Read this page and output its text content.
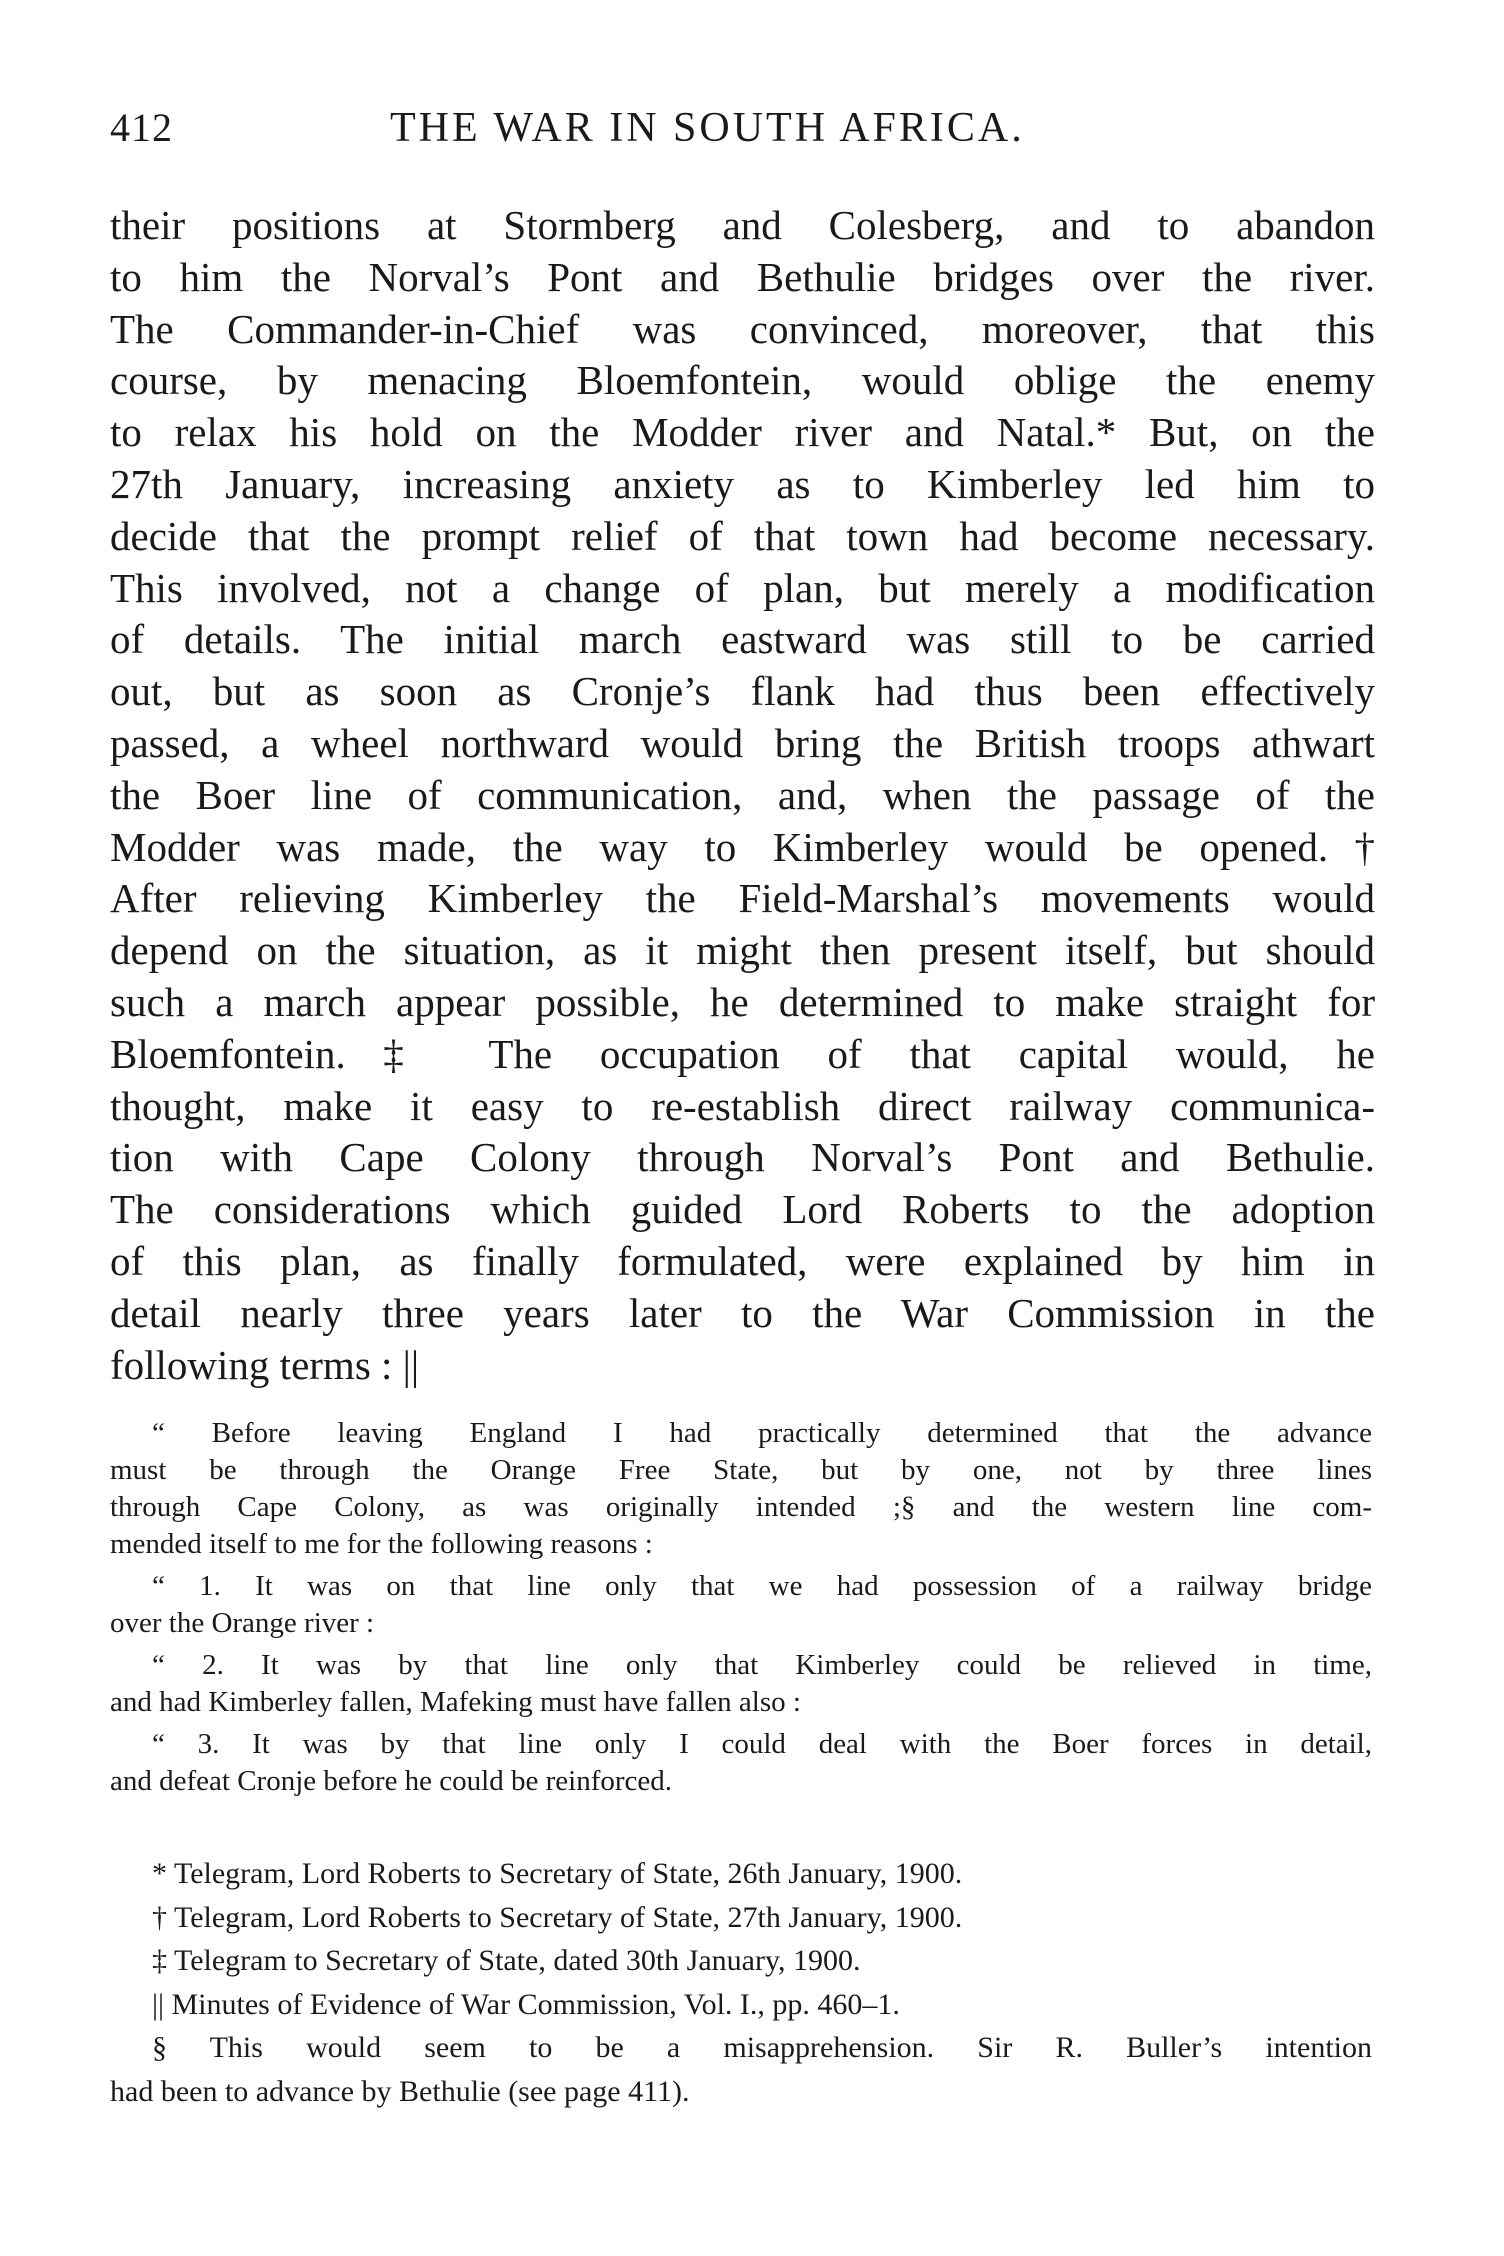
412	THE WAR IN SOUTH AFRICA.
their positions at Stormberg and Colesberg, and to abandon
to him the Norval’s Pont and Bethulie bridges over the river.
The Commander-in-Chief was convinced, moreover, that this
course, by menacing Bloemfontein, would oblige the enemy
to relax his hold on the Modder river and Natal.* But, on the
27th January, increasing anxiety as to Kimberley led him to
decide that the prompt relief of that town had become necessary.
This involved, not a change of plan, but merely a modification
of details. The initial march eastward was still to be carried
out, but as soon as Cronje’s flank had thus been effectively
passed, a wheel northward would bring the British troops athwart
the Boer line of communication, and, when the passage of the
Modder was made, the way to Kimberley would be opened.†
After relieving Kimberley the Field-Marshal’s movements would
depend on the situation, as it might then present itself, but should
such a march appear possible, he determined to make straight for
Bloemfontein.‡ The occupation of that capital would, he
thought, make it easy to re-establish direct railway communica-
tion with Cape Colony through Norval’s Pont and Bethulie.
The considerations which guided Lord Roberts to the adoption
of this plan, as finally formulated, were explained by him in
detail nearly three years later to the War Commission in the
following terms : ||
“ Before leaving England I had practically determined that the advance
must be through the Orange Free State, but by one, not by three lines
through Cape Colony, as was originally intended ;§ and the western line com-
mended itself to me for the following reasons :
“ 1. It was on that line only that we had possession of a railway bridge
over the Orange river :
“ 2. It was by that line only that Kimberley could be relieved in time,
and had Kimberley fallen, Mafeking must have fallen also :
“ 3. It was by that line only I could deal with the Boer forces in detail,
and defeat Cronje before he could be reinforced.
* Telegram, Lord Roberts to Secretary of State, 26th January, 1900.
† Telegram, Lord Roberts to Secretary of State, 27th January, 1900.
‡ Telegram to Secretary of State, dated 30th January, 1900.
|| Minutes of Evidence of War Commission, Vol. I., pp. 460–1.
§ This would seem to be a misapprehension. Sir R. Buller’s intention
had been to advance by Bethulie (see page 411).
